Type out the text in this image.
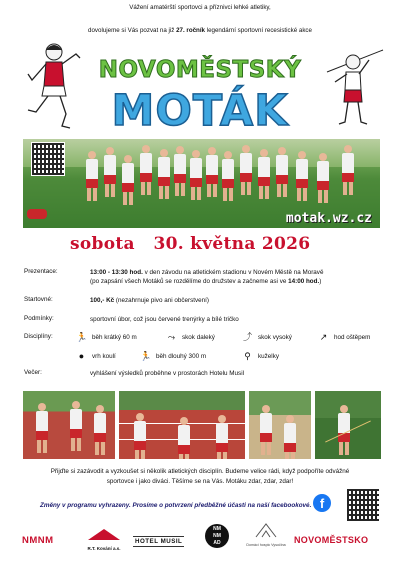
Vážení amatérští sportovci a příznivci lehké atletiky,
dovolujeme si Vás pozvat na již 27. ročník legendární sportovní recesistické akce
NOVOMĚSTSKÝ
MOTÁK
motak.wz.cz
sobota   30. května 2026
Prezentace:	13:00 - 13:30 hod. v den závodu na atletickém stadionu v Novém Městě na Moravě
(po zapsání všech Motáků se rozdělíme do družstev a začneme asi ve 14:00 hod.)
Startovné:	100,- Kč (nezahrnuje pivo ani občerstvení)
Podmínky:	sportovní úbor, což jsou červené trenýrky a bílé tričko
Disciplíny:	🏃 běh krátký 60 m	⤳	skok daleký	⤴ skok vysoký	↗ hod oštěpem
●	vrh koulí	🏃 běh dlouhý 300 m	⚲	kuželky
Večer:	vyhlášení výsledků proběhne v prostorách Hotelu Musil
Přijďte si zazávodit a vyzkoušet si několik atletických disciplín. Budeme velice rádi, když podpoříte odvážné
sportovce i jako diváci. Těšíme se na Vás. Motáku zdar, zdar, zdar!
Změny v programu vyhrazeny. Prosíme o potvrzení předběžné účasti na naší facebookové. f
NMNM
R.T. Kování a.s.
HOTEL MUSIL
NM NM AD	Domácí hospic Vysočina NOVOMĚSTSKO
